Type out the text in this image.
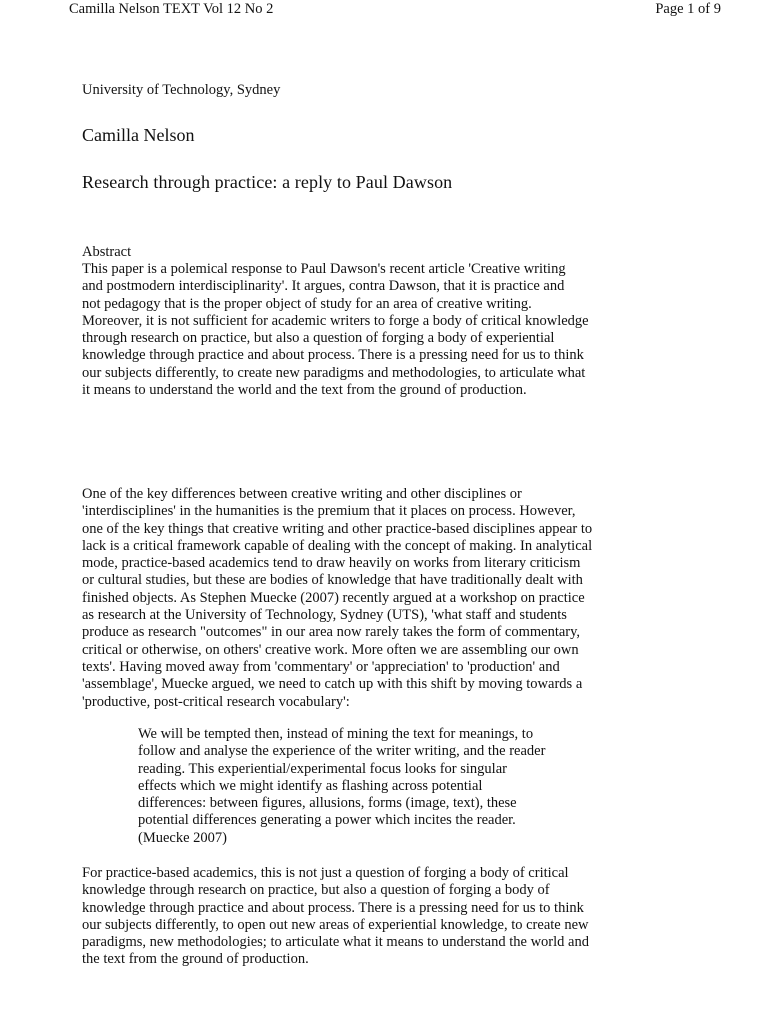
Camilla Nelson TEXT Vol 12 No 2	Page 1 of 9
University of Technology, Sydney
Camilla Nelson
Research through practice: a reply to Paul Dawson
Abstract
This paper is a polemical response to Paul Dawson's recent article 'Creative writing
and postmodern interdisciplinarity'. It argues, contra Dawson, that it is practice and
not pedagogy that is the proper object of study for an area of creative writing.
Moreover, it is not sufficient for academic writers to forge a body of critical knowledge
through research on practice, but also a question of forging a body of experiential
knowledge through practice and about process. There is a pressing need for us to think
our subjects differently, to create new paradigms and methodologies, to articulate what
it means to understand the world and the text from the ground of production.
One of the key differences between creative writing and other disciplines or
'interdisciplines' in the humanities is the premium that it places on process. However,
one of the key things that creative writing and other practice-based disciplines appear to
lack is a critical framework capable of dealing with the concept of making. In analytical
mode, practice-based academics tend to draw heavily on works from literary criticism
or cultural studies, but these are bodies of knowledge that have traditionally dealt with
finished objects. As Stephen Muecke (2007) recently argued at a workshop on practice
as research at the University of Technology, Sydney (UTS), 'what staff and students
produce as research "outcomes" in our area now rarely takes the form of commentary,
critical or otherwise, on others' creative work. More often we are assembling our own
texts'. Having moved away from 'commentary' or 'appreciation' to 'production' and
'assemblage', Muecke argued, we need to catch up with this shift by moving towards a
'productive, post-critical research vocabulary':
We will be tempted then, instead of mining the text for meanings, to
follow and analyse the experience of the writer writing, and the reader
reading. This experiential/experimental focus looks for singular
effects which we might identify as flashing across potential
differences: between figures, allusions, forms (image, text), these
potential differences generating a power which incites the reader.
(Muecke 2007)
For practice-based academics, this is not just a question of forging a body of critical
knowledge through research on practice, but also a question of forging a body of
knowledge through practice and about process. There is a pressing need for us to think
our subjects differently, to open out new areas of experiential knowledge, to create new
paradigms, new methodologies; to articulate what it means to understand the world and
the text from the ground of production.
